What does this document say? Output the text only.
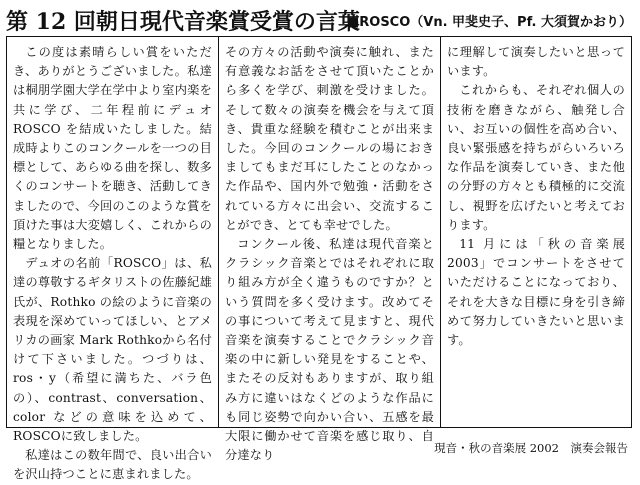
第 12 回朝日現代音楽賞受賞の言葉
■ROSCO（Vn. 甲斐史子、Pf. 大須賀かおり）

この度は素晴らしい賞をいただき、ありがとうございました。私達は桐朋学園大学在学中より室内楽を共に学び、二年程前にデュオROSCO を結成いたしました。結成時よりこのコンクールを一つの目標として、あらゆる曲を探し、数多くのコンサートを聴き、活動してきましたので、今回のこのような賞を頂けた事は大変嬉しく、これからの糧となりました。

デュオの名前「ROSCO」は、私達の尊敬するギタリストの佐藤紀雄氏が、Rothko の絵のように音楽の表現を深めていってほしい、とアメリカの画家 Mark Rothkoから名付けて下さいました。つづりは、ros・y（希望に満ちた、バラ色の）、contrast、conversation、color などの意味を込めて、ROSCOに致しました。

私達はこの数年間で、良い出合いを沢山持つことに恵まれました。

その方々の活動や演奏に触れ、また有意義なお話をさせて頂いたことから多くを学び、刺激を受けました。そして数々の演奏を機会を与えて頂き、貴重な経験を積むことが出来ました。今回のコンクールの場におきましてもまだ耳にしたことのなかった作品や、国内外で勉強・活動をされている方々に出会い、交流することができ、とても幸せでした。

コンクール後、私達は現代音楽とクラシック音楽とではそれぞれに取り組み方が全く違うものですか？という質問を多く受けます。改めてその事について考えて見ますと、現代音楽を演奏することでクラシック音楽の中に新しい発見をすることや、またその反対もありますが、取り組み方に違いはなくどのような作品にも同じ姿勢で向かい合い、五感を最大限に働かせて音楽を感じ取り、自分達なり

に理解して演奏したいと思っています。

これからも、それぞれ個人の技術を磨きながら、触発し合い、お互いの個性を高め合い、良い緊張感を持ちがらいろいろな作品を演奏していき、また他の分野の方々とも積極的に交流し、視野を広げたいと考えております。

11 月には「秋の音楽展 2003」でコンサートをさせていただけることになっており、それを大きな目標に身を引き締めて努力していきたいと思います。

現音・秋の音楽展 2002　演奏会報告
